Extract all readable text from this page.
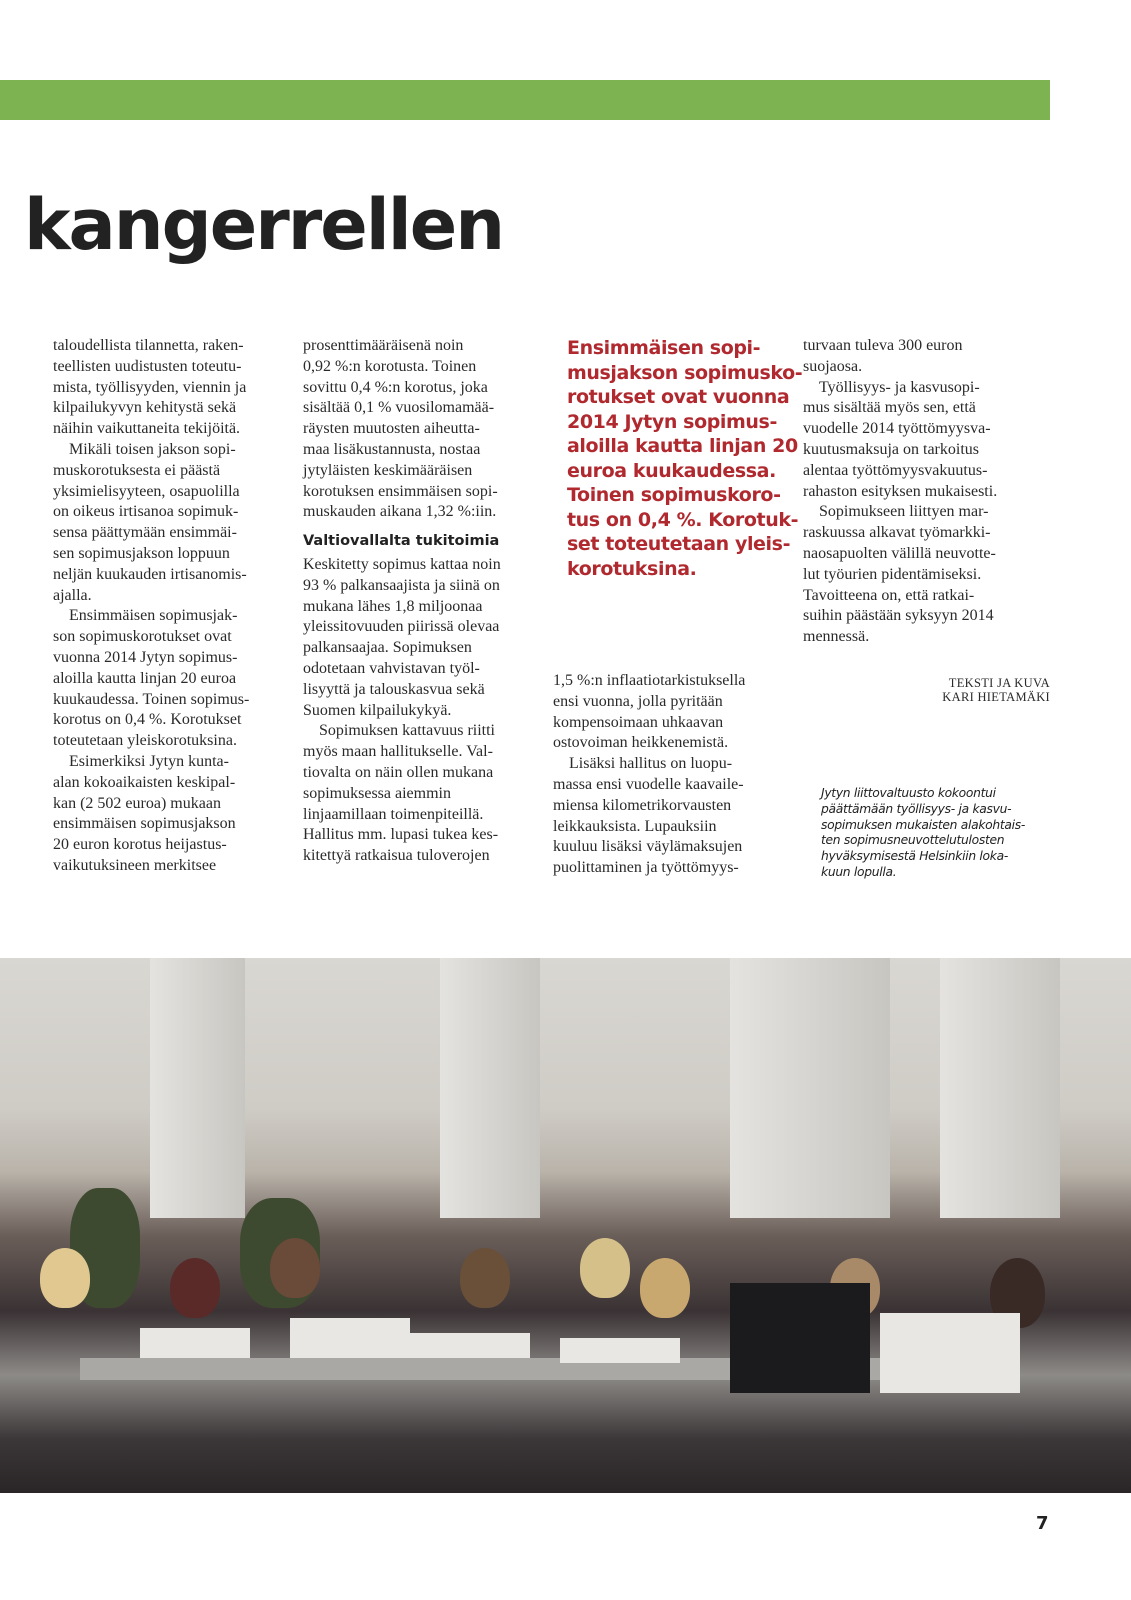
kangerrellen
taloudellista tilannetta, raken-
teellisten uudistusten toteutu-
mista, työllisyyden, viennin ja
kilpailukyvyn kehitystä sekä
näihin vaikuttaneita tekijöitä.
Mikäli toisen jakson sopi-
muskorotuksesta ei päästä
yksimielisyyteen, osapuolilla
on oikeus irtisanoa sopimuk-
sensa päättymään ensimmäi-
sen sopimusjakson loppuun
neljän kuukauden irtisanomis-
ajalla.
Ensimmäisen sopimusjak-
son sopimuskorotukset ovat
vuonna 2014 Jytyn sopimus-
aloilla kautta linjan 20 euroa
kuukaudessa. Toinen sopimus-
korotus on 0,4 %. Korotukset
toteutetaan yleiskorotuksina.
Esimerkiksi Jytyn kunta-
alan kokoaikaisten keskipal-
kan (2 502 euroa) mukaan
ensimmäisen sopimusjakson
20 euron korotus heijastus-
vaikutuksineen merkitsee
prosenttimääräisenä noin
0,92 %:n korotusta. Toinen
sovittu 0,4 %:n korotus, joka
sisältää 0,1 % vuosilomamää-
räysten muutosten aiheutta-
maa lisäkustannusta, nostaa
jytyläisten keskimääräisen
korotuksen ensimmäisen sopi-
muskauden aikana 1,32 %:iin.
Valtiovallalta tukitoimia
Keskitetty sopimus kattaa noin
93 % palkansaajista ja siinä on
mukana lähes 1,8 miljoonaa
yleissitovuuden piirissä olevaa
palkansaajaa. Sopimuksen
odotetaan vahvistavan työl-
lisyyttä ja talouskasvua sekä
Suomen kilpailukykyä.
Sopimuksen kattavuus riitti
myös maan hallitukselle. Val-
tiovalta on näin ollen mukana
sopimuksessa aiemmin
linjaamillaan toimenpiteillä.
Hallitus mm. lupasi tukea kes-
kitettyä ratkaisua tuloverojen
Ensimmäisen sopi-
musjakson sopimusko-
rotukset ovat vuonna
2014 Jytyn sopimus-
aloilla kautta linjan 20
euroa kuukaudessa.
Toinen sopimuskoro-
tus on 0,4 %. Korotuk-
set toteutetaan yleis-
korotuksina.
1,5 %:n inflaatiotarkistuksella
ensi vuonna, jolla pyritään
kompensoimaan uhkaavan
ostovoiman heikkenemistä.
Lisäksi hallitus on luopu-
massa ensi vuodelle kaavaile-
miensa kilometrikorvausten
leikkauksista. Lupauksiin
kuuluu lisäksi väylämaksujen
puolittaminen ja työttömyys-
turvaan tuleva 300 euron
suojaosa.
Työllisyys- ja kasvusopi-
mus sisältää myös sen, että
vuodelle 2014 työttömyysva-
kuutusmaksuja on tarkoitus
alentaa työttömyysvakuutus-
rahaston esityksen mukaisesti.
Sopimukseen liittyen mar-
raskuussa alkavat työmarkki-
naosapuolten välillä neuvotte-
lut työurien pidentämiseksi.
Tavoitteena on, että ratkai-
suihin päästään syksyyn 2014
mennessä.
TEKSTI JA KUVA
KARI HIETAMÄKI
Jytyn liittovaltuusto kokoontui
päättämään työllisyys- ja kasvu-
sopimuksen mukaisten alakohtais-
ten sopimusneuvottelutulosten
hyväksymisestä Helsinkiin loka-
kuun lopulla.
7
